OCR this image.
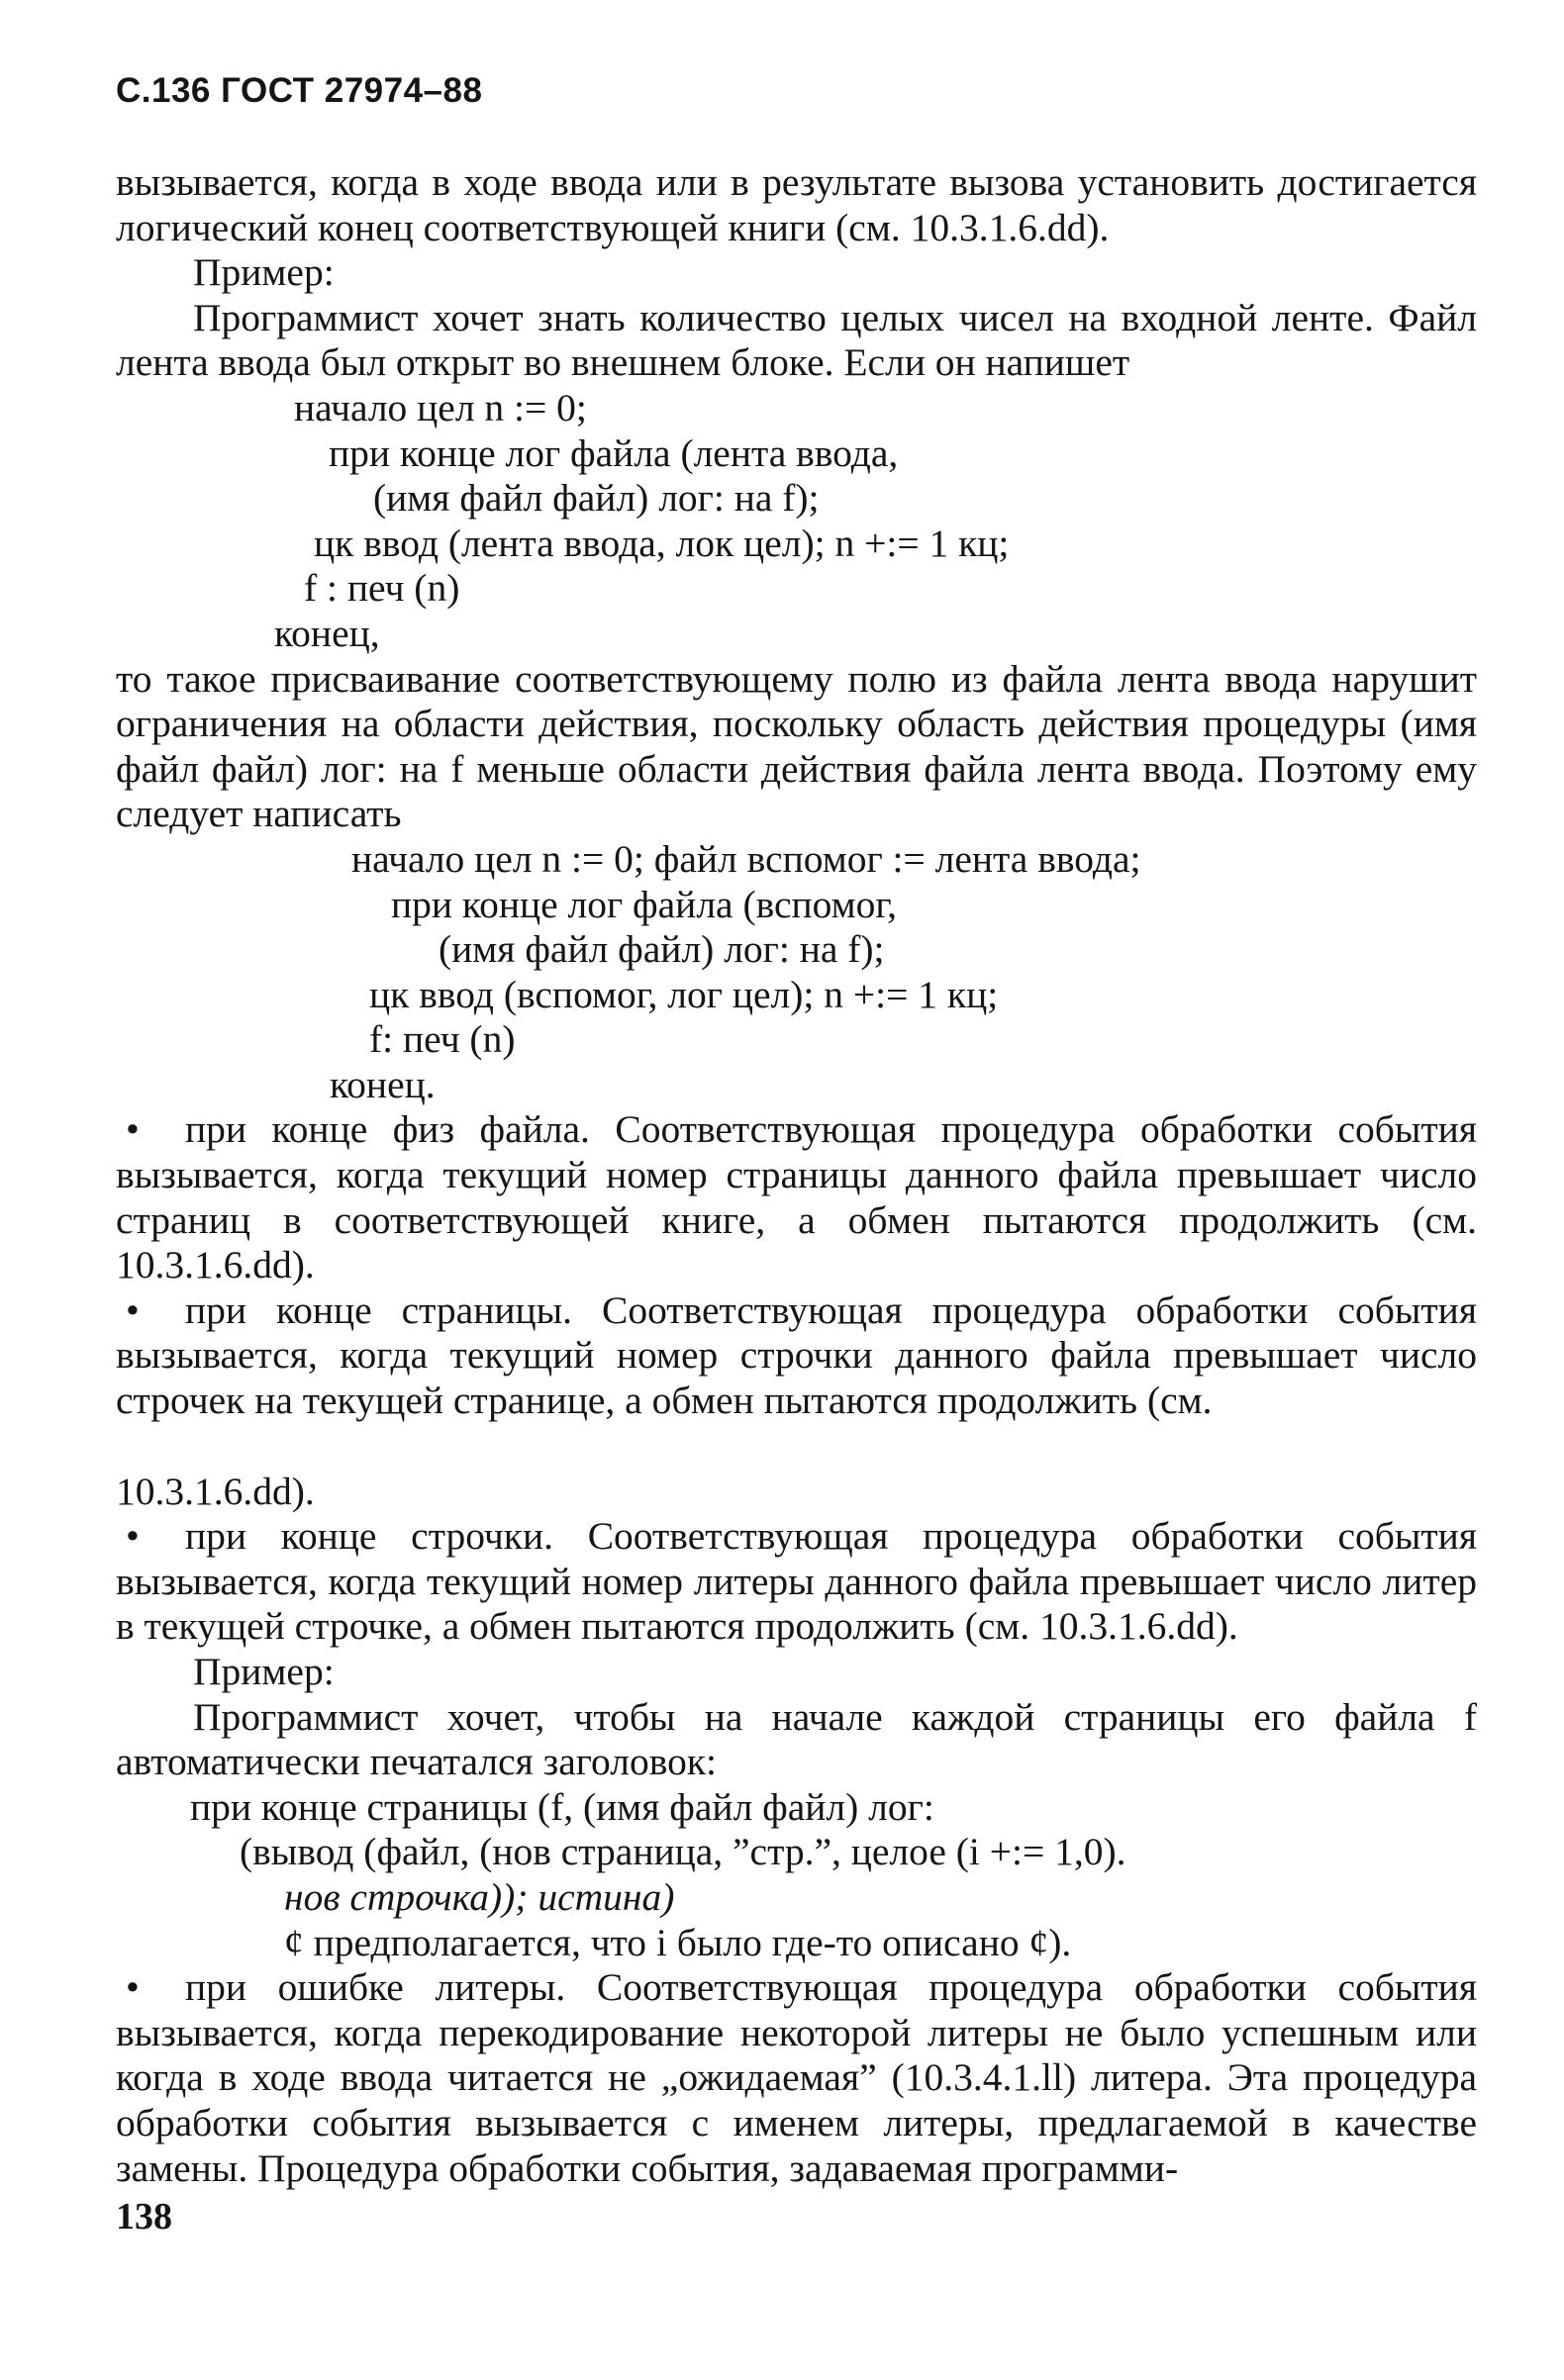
С.136 ГОСТ 27974–88

вызывается, когда в ходе ввода или в результате вызова установить достигается логический конец соответствующей книги (см. 10.3.1.6.dd).

Пример:

Программист хочет знать количество целых чисел на входной ленте. Файл лента ввода был открыт во внешнем блоке. Если он напишет

начало цел n := 0;
при конце лог файла (лента ввода,
(имя файл файл) лог: на f);
цк ввод (лента ввода, лок цел); n +:= 1 кц;
f : печ (n)
конец,

то такое присваивание соответствующему полю из файла лента ввода нарушит ограничения на области действия, поскольку область действия процедуры (имя файл файл) лог: на f меньше области действия файла лента ввода. Поэтому ему следует написать

начало цел n := 0; файл вспомог := лента ввода;
при конце лог файла (вспомог,
(имя файл файл) лог: на f);
цк ввод (вспомог, лог цел); n +:= 1 кц;
f: печ (n)
конец.

• при конце физ файла. Соответствующая процедура обработки события вызывается, когда текущий номер страницы данного файла превышает число страниц в соответствующей книге, а обмен пытаются продолжить (см. 10.3.1.6.dd).

• при конце страницы. Соответствующая процедура обработки события вызывается, когда текущий номер строчки данного файла превышает число строчек на текущей странице, а обмен пытаются продолжить (см.

10.3.1.6.dd).

• при конце строчки. Соответствующая процедура обработки события вызывается, когда текущий номер литеры данного файла превышает число литер в текущей строчке, а обмен пытаются продолжить (см. 10.3.1.6.dd).

Пример:

Программист хочет, чтобы на начале каждой страницы его файла f автоматически печатался заголовок:

при конце страницы (f, (имя файл файл) лог:
(вывод (файл, (нов страница, ”стр.”, целое (i +:= 1,0).
нов строчка)); истина)
¢ предполагается, что i было где-то описано ¢).

• при ошибке литеры. Соответствующая процедура обработки события вызывается, когда перекодирование некоторой литеры не было успешным или когда в ходе ввода читается не „ожидаемая” (10.3.4.1.ll) литера. Эта процедура обработки события вызывается с именем литеры, предлагаемой в качестве замены. Процедура обработки события, задаваемая программи-

138
